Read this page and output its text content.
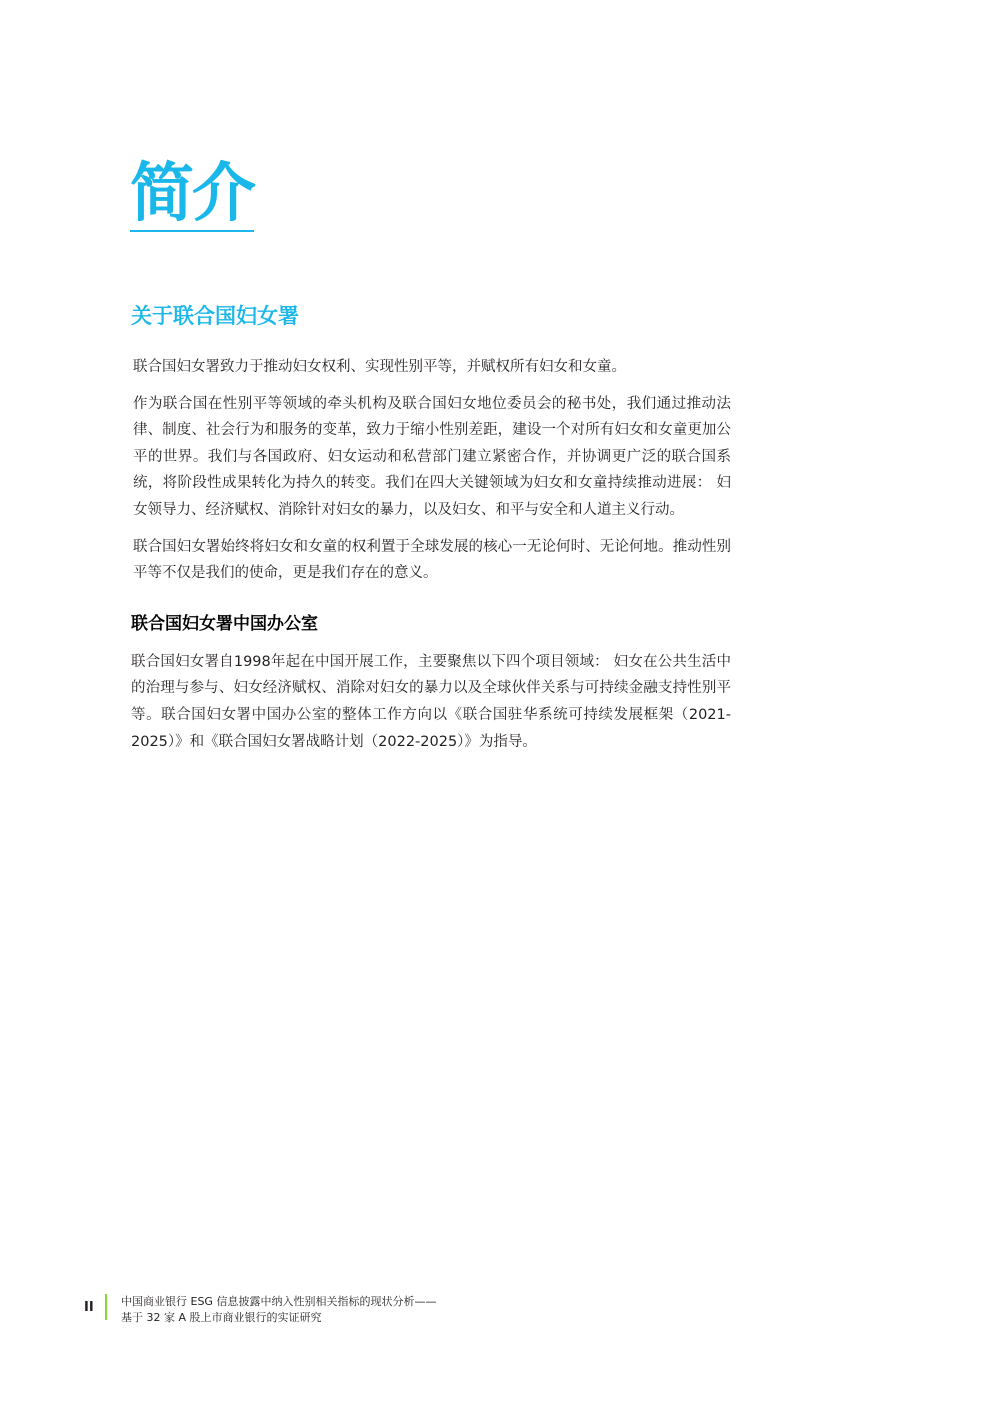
简介
关于联合国妇女署

联合国妇女署致力于推动妇女权利、实现性别平等，并赋权所有妇女和女童。

作为联合国在性别平等领域的牵头机构及联合国妇女地位委员会的秘书处，我们通过推动法律、制度、社会行为和服务的变革，致力于缩小性别差距，建设一个对所有妇女和女童更加公平的世界。我们与各国政府、妇女运动和私营部门建立紧密合作，并协调更广泛的联合国系统，将阶段性成果转化为持久的转变。我们在四大关键领域为妇女和女童持续推动进展： 妇女领导力、经济赋权、消除针对妇女的暴力，以及妇女、和平与安全和人道主义行动。

联合国妇女署始终将妇女和女童的权利置于全球发展的核心一无论何时、无论何地。推动性别平等不仅是我们的使命，更是我们存在的意义。

联合国妇女署中国办公室

联合国妇女署自1998年起在中国开展工作，主要聚焦以下四个项目领域： 妇女在公共生活中的治理与参与、妇女经济赋权、消除对妇女的暴力以及全球伙伴关系与可持续金融支持性别平等。联合国妇女署中国办公室的整体工作方向以《联合国驻华系统可持续发展框架（2021-2025）》和《联合国妇女署战略计划（2022-2025）》为指导。

II 中国商业银行 ESG 信息披露中纳入性别相关指标的现状分析——
基于 32 家 A 股上市商业银行的实证研究
